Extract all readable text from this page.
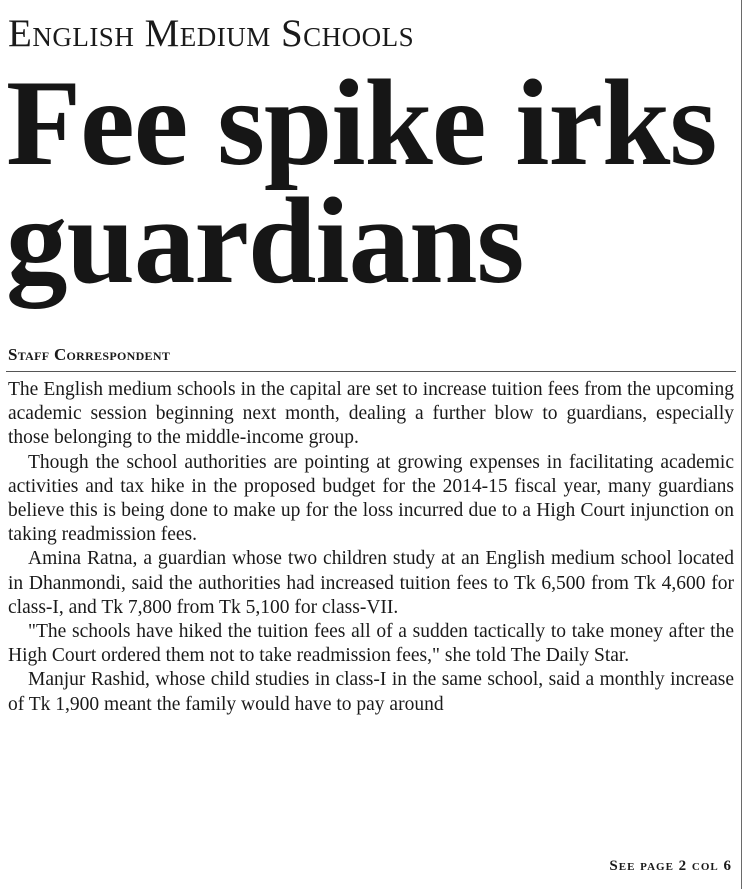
English Medium Schools
Fee spike irks
guardians
Staff Correspondent

The English medium schools in the capital are set to increase tuition fees from the upcoming academic session beginning next month, dealing a further blow to guardians, especially those belonging to the middle-income group.

Though the school authorities are pointing at growing expenses in facilitating academic activities and tax hike in the proposed budget for the 2014-15 fiscal year, many guardians believe this is being done to make up for the loss incurred due to a High Court injunction on taking readmission fees.

Amina Ratna, a guardian whose two children study at an English medium school located in Dhanmondi, said the authorities had increased tuition fees to Tk 6,500 from Tk 4,600 for class-I, and Tk 7,800 from Tk 5,100 for class-VII.

"The schools have hiked the tuition fees all of a sudden tactically to take money after the High Court ordered them not to take readmission fees," she told The Daily Star.

Manjur Rashid, whose child studies in class-I in the same school, said a monthly increase of Tk 1,900 meant the family would have to pay around

See page 2 col 6
